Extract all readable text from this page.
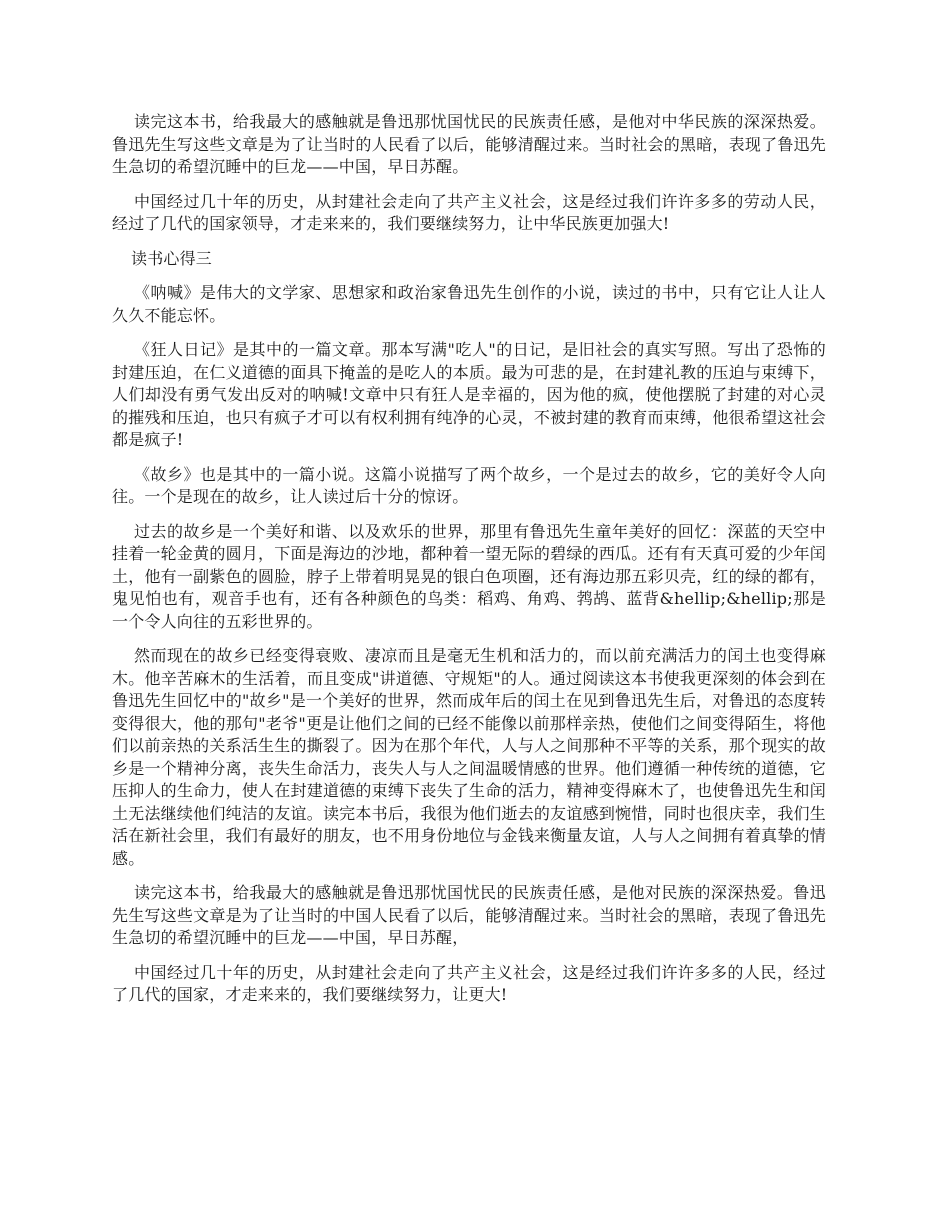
读完这本书，给我最大的感触就是鲁迅那忧国忧民的民族责任感，是他对中华民族的深深热爱。鲁迅先生写这些文章是为了让当时的人民看了以后，能够清醒过来。当时社会的黑暗，表现了鲁迅先生急切的希望沉睡中的巨龙——中国，早日苏醒。

中国经过几十年的历史，从封建社会走向了共产主义社会，这是经过我们许许多多的劳动人民，经过了几代的国家领导，才走来来的，我们要继续努力，让中华民族更加强大!

读书心得三

《呐喊》是伟大的文学家、思想家和政治家鲁迅先生创作的小说，读过的书中，只有它让人让人久久不能忘怀。

《狂人日记》是其中的一篇文章。那本写满"吃人"的日记，是旧社会的真实写照。写出了恐怖的封建压迫，在仁义道德的面具下掩盖的是吃人的本质。最为可悲的是，在封建礼教的压迫与束缚下，人们却没有勇气发出反对的呐喊!文章中只有狂人是幸福的，因为他的疯，使他摆脱了封建的对心灵的摧残和压迫，也只有疯子才可以有权利拥有纯净的心灵，不被封建的教育而束缚，他很希望这社会都是疯子!

《故乡》也是其中的一篇小说。这篇小说描写了两个故乡，一个是过去的故乡，它的美好令人向往。一个是现在的故乡，让人读过后十分的惊讶。

过去的故乡是一个美好和谐、以及欢乐的世界，那里有鲁迅先生童年美好的回忆：深蓝的天空中挂着一轮金黄的圆月，下面是海边的沙地，都种着一望无际的碧绿的西瓜。还有有天真可爱的少年闰土，他有一副紫色的圆脸，脖子上带着明晃晃的银白色项圈，还有海边那五彩贝壳，红的绿的都有，鬼见怕也有，观音手也有，还有各种颜色的鸟类：稻鸡、角鸡、鹁鸪、蓝背&hellip;&hellip;那是一个令人向往的五彩世界的。

然而现在的故乡已经变得衰败、凄凉而且是毫无生机和活力的，而以前充满活力的闰土也变得麻木。他辛苦麻木的生活着，而且变成"讲道德、守规矩"的人。通过阅读这本书使我更深刻的体会到在鲁迅先生回忆中的"故乡"是一个美好的世界，然而成年后的闰土在见到鲁迅先生后，对鲁迅的态度转变得很大，他的那句"老爷"更是让他们之间的已经不能像以前那样亲热，使他们之间变得陌生，将他们以前亲热的关系活生生的撕裂了。因为在那个年代，人与人之间那种不平等的关系，那个现实的故乡是一个精神分离，丧失生命活力，丧失人与人之间温暖情感的世界。他们遵循一种传统的道德，它压抑人的生命力，使人在封建道德的束缚下丧失了生命的活力，精神变得麻木了，也使鲁迅先生和闰土无法继续他们纯洁的友谊。读完本书后，我很为他们逝去的友谊感到惋惜，同时也很庆幸，我们生活在新社会里，我们有最好的朋友，也不用身份地位与金钱来衡量友谊，人与人之间拥有着真挚的情感。

读完这本书，给我最大的感触就是鲁迅那忧国忧民的民族责任感，是他对民族的深深热爱。鲁迅先生写这些文章是为了让当时的中国人民看了以后，能够清醒过来。当时社会的黑暗，表现了鲁迅先生急切的希望沉睡中的巨龙——中国，早日苏醒，

中国经过几十年的历史，从封建社会走向了共产主义社会，这是经过我们许许多多的人民，经过了几代的国家，才走来来的，我们要继续努力，让更大!
